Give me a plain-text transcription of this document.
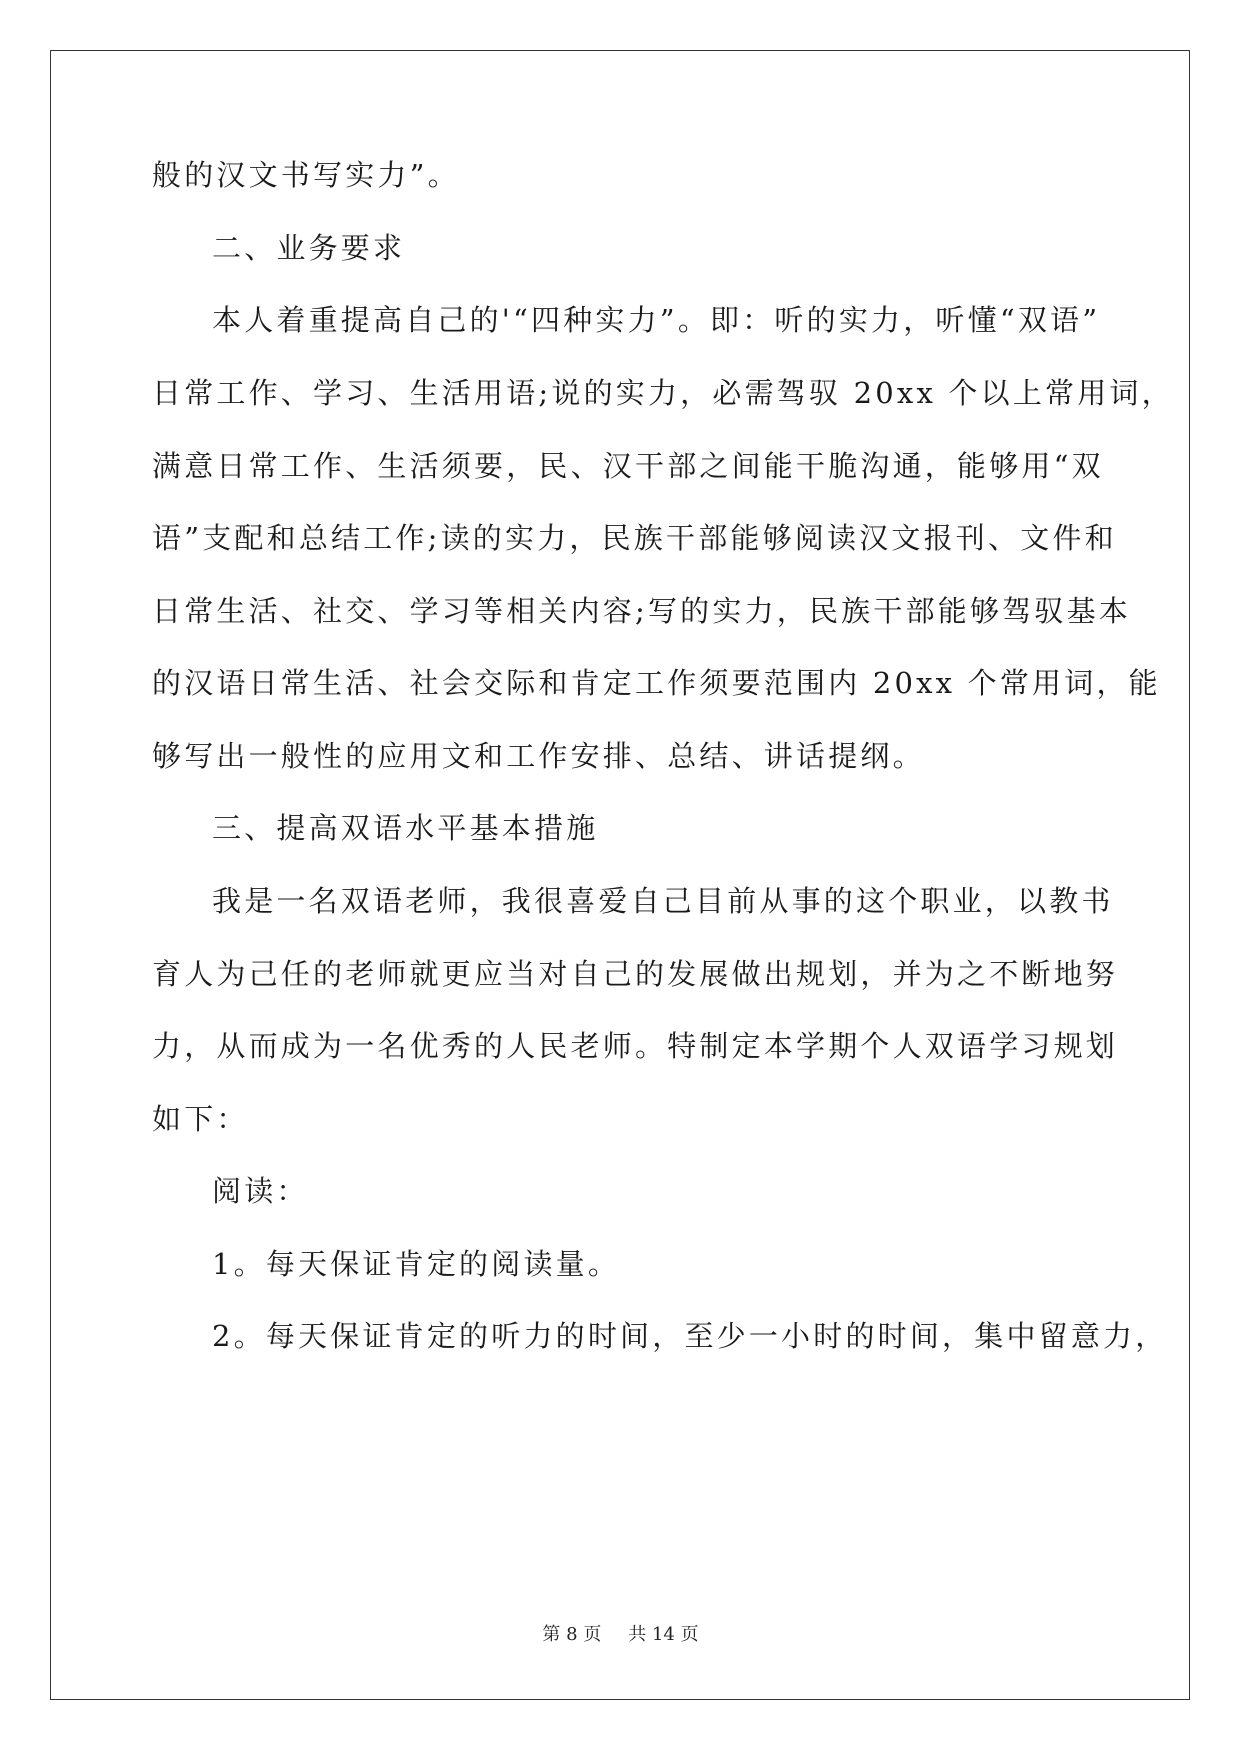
般的汉文书写实力”。
二、业务要求
本人着重提高自己的'“四种实力”。即：听的实力，听懂“双语”
日常工作、学习、生活用语;说的实力，必需驾驭 20xx 个以上常用词，
满意日常工作、生活须要，民、汉干部之间能干脆沟通，能够用“双
语”支配和总结工作;读的实力，民族干部能够阅读汉文报刊、文件和
日常生活、社交、学习等相关内容;写的实力，民族干部能够驾驭基本
的汉语日常生活、社会交际和肯定工作须要范围内 20xx 个常用词，能
够写出一般性的应用文和工作安排、总结、讲话提纲。
三、提高双语水平基本措施
我是一名双语老师，我很喜爱自己目前从事的这个职业，以教书
育人为己任的老师就更应当对自己的发展做出规划，并为之不断地努
力，从而成为一名优秀的人民老师。特制定本学期个人双语学习规划
如下：
阅读：
1。每天保证肯定的阅读量。
2。每天保证肯定的听力的时间，至少一小时的时间，集中留意力，
第 8 页 共 14 页
